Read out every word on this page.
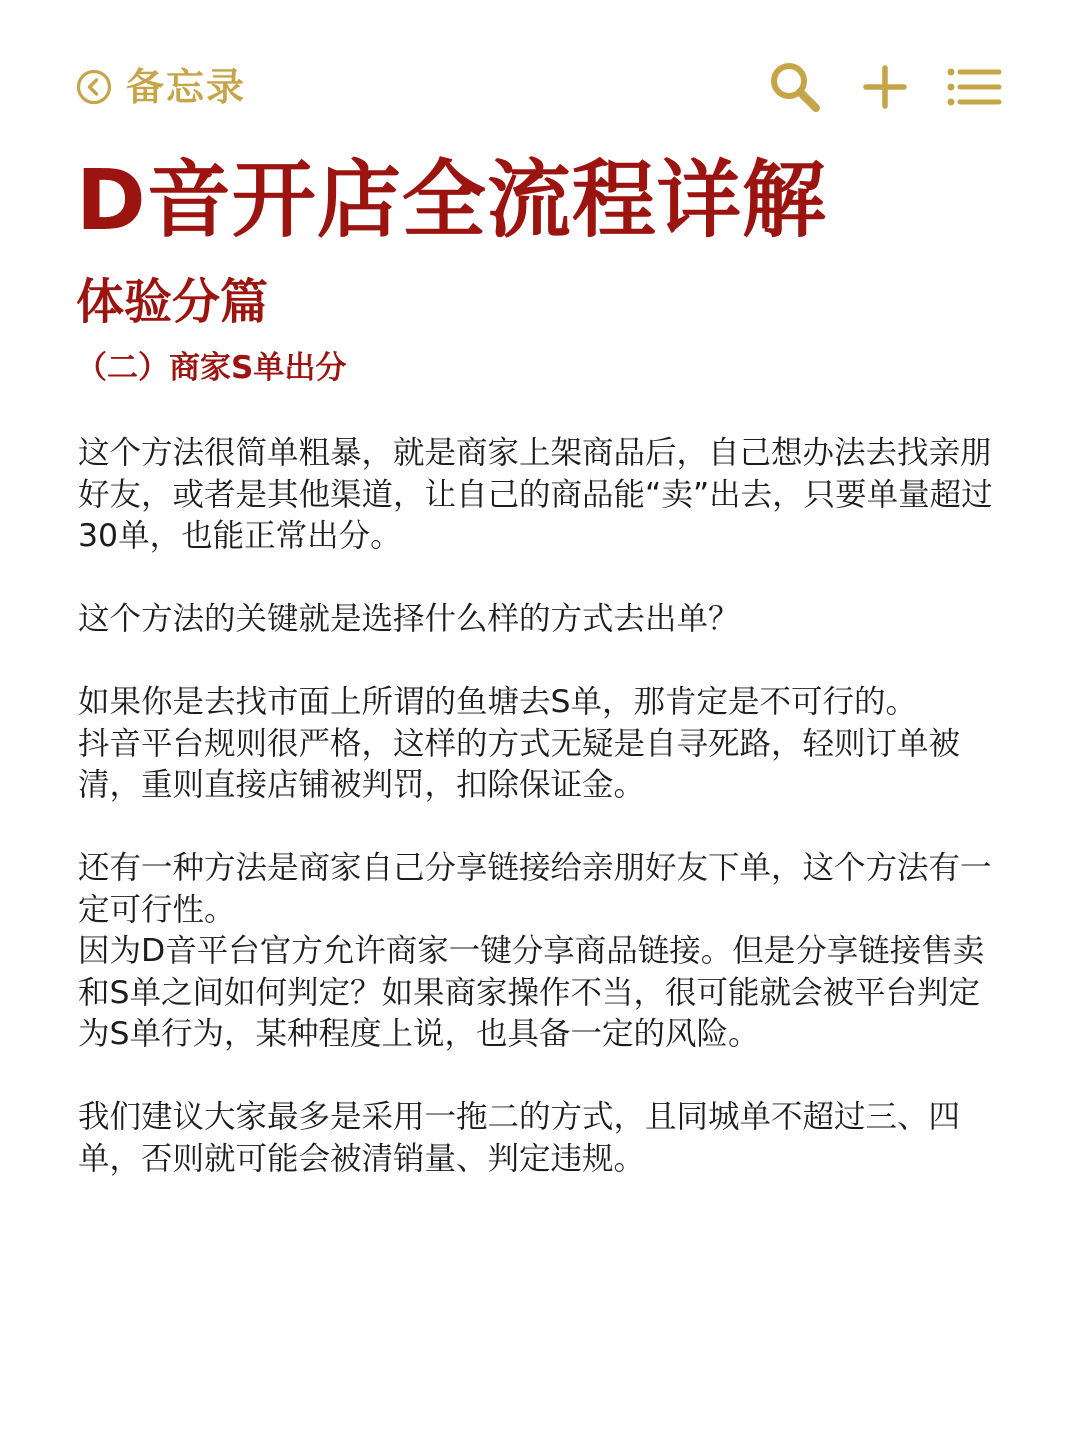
备忘录
D音开店全流程详解
体验分篇
（二）商家S单出分

这个方法很简单粗暴，就是商家上架商品后，自己想办法去找亲朋好友，或者是其他渠道，让自己的商品能“卖”出去，只要单量超过30单，也能正常出分。

这个方法的关键就是选择什么样的方式去出单？

如果你是去找市面上所谓的鱼塘去S单，那肯定是不可行的。
抖音平台规则很严格，这样的方式无疑是自寻死路，轻则订单被清，重则直接店铺被判罚，扣除保证金。

还有一种方法是商家自己分享链接给亲朋好友下单，这个方法有一定可行性。
因为D音平台官方允许商家一键分享商品链接。但是分享链接售卖和S单之间如何判定？如果商家操作不当，很可能就会被平台判定为S单行为，某种程度上说，也具备一定的风险。

我们建议大家最多是采用一拖二的方式，且同城单不超过三、四单，否则就可能会被清销量、判定违规。
